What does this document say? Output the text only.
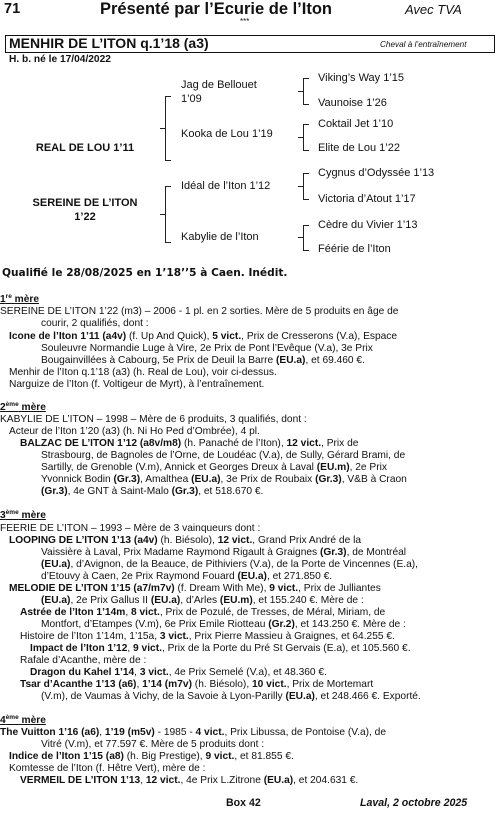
71	Présenté par l’Ecurie de l’Iton	Avec TVA
***
MENHIR DE L’ITON q.1’18 (a3)	Cheval à l’entraînement
H. b. né le 17/04/2022
REAL DE LOU 1’11
SEREINE DE L’ITON
1’22
Jag de Bellouet
1’09
Kooka de Lou 1’19
Idéal de l’Iton 1’12
Kabylie de l’Iton
Viking’s Way 1’15
Vaunoise 1’26
Coktail Jet 1’10
Elite de Lou 1’22
Cygnus d’Odyssée 1’13
Victoria d’Atout 1’17
Cèdre du Vivier 1’13
Féérie de l’Iton
Qualifié le 28/08/2025 en 1’18’’5 à Caen. Inédit.
1re mère
SEREINE DE L’ITON 1’22 (m3) – 2006 - 1 pl. en 2 sorties. Mère de 5 produits en âge de
courir, 2 qualifiés, dont :
Icone de l’Iton 1’11 (a4v) (f. Up And Quick), 5 vict., Prix de Cresserons (V.a), Espace
Souleuvre Normandie Luge à Vire, 2e Prix de Pont l’Evêque (V.a), 3e Prix
Bougainvillées à Cabourg, 5e Prix de Deuil la Barre (EU.a), et 69.460 €.
Menhir de l’Iton q.1’18 (a3) (h. Real de Lou), voir ci-dessus.
Narguize de l’Iton (f. Voltigeur de Myrt), à l’entraînement.
2ème mère
KABYLIE DE L’ITON – 1998 – Mère de 6 produits, 3 qualifiés, dont :
Acteur de l’Iton 1’20 (a3) (h. Ni Ho Ped d’Ombrée), 4 pl.
BALZAC DE L’ITON 1’12 (a8v/m8) (h. Panaché de l’Iton), 12 vict., Prix de
Strasbourg, de Bagnoles de l’Orne, de Loudéac (V.a), de Sully, Gérard Brami, de
Sartilly, de Grenoble (V.m), Annick et Georges Dreux à Laval (EU.m), 2e Prix
Yvonnick Bodin (Gr.3), Amalthea (EU.a), 3e Prix de Roubaix (Gr.3), V&B à Craon
(Gr.3), 4e GNT à Saint-Malo (Gr.3), et 518.670 €.
3ème mère
FEERIE DE L’ITON – 1993 – Mère de 3 vainqueurs dont :
LOOPING DE L’ITON 1’13 (a4v) (h. Biésolo), 12 vict., Grand Prix André de la
Vaissière à Laval, Prix Madame Raymond Rigault à Graignes (Gr.3), de Montréal
(EU.a), d’Avignon, de la Beauce, de Pithiviers (V.a), de la Porte de Vincennes (E.a),
d’Etouvy à Caen, 2e Prix Raymond Fouard (EU.a), et 271.850 €.
MELODIE DE L’ITON 1’15 (a7/m7v) (f. Dream With Me), 9 vict., Prix de Julliantes
(EU.a), 2e Prix Gallus II (EU.a), d’Arles (EU.m), et 155.240 €. Mère de :
Astrée de l’Iton 1’14m, 8 vict., Prix de Pozulé, de Tresses, de Méral, Miriam, de
Montfort, d’Etampes (V.m), 6e Prix Emile Riotteau (Gr.2), et 143.250 €. Mère de :
Histoire de l’Iton 1’14m, 1’15a, 3 vict., Prix Pierre Massieu à Graignes, et 64.255 €.
Impact de l’Iton 1’12, 9 vict., Prix de la Porte du Pré St Gervais (E.a), et 105.560 €.
Rafale d’Acanthe, mère de :
Dragon du Kahel 1’14, 3 vict., 4e Prix Semelé (V.a), et 48.360 €.
Tsar d’Acanthe 1’13 (a6), 1’14 (m7v) (h. Biésolo), 10 vict., Prix de Mortemart
(V.m), de Vaumas à Vichy, de la Savoie à Lyon-Parilly (EU.a), et 248.466 €. Exporté.
4ème mère
The Vuitton 1’16 (a6), 1’19 (m5v) - 1985 - 4 vict., Prix Libussa, de Pontoise (V.a), de
Vitré (V.m), et 77.597 €. Mère de 5 produits dont :
Indice de l’Iton 1’15 (a8) (h. Big Prestige), 9 vict., et 81.855 €.
Komtesse de l’Iton (f. Hêtre Vert), mère de :
VERMEIL DE L’ITON 1’13, 12 vict., 4e Prix L.Zitrone (EU.a), et 204.631 €.
Box 42	Laval, 2 octobre 2025
